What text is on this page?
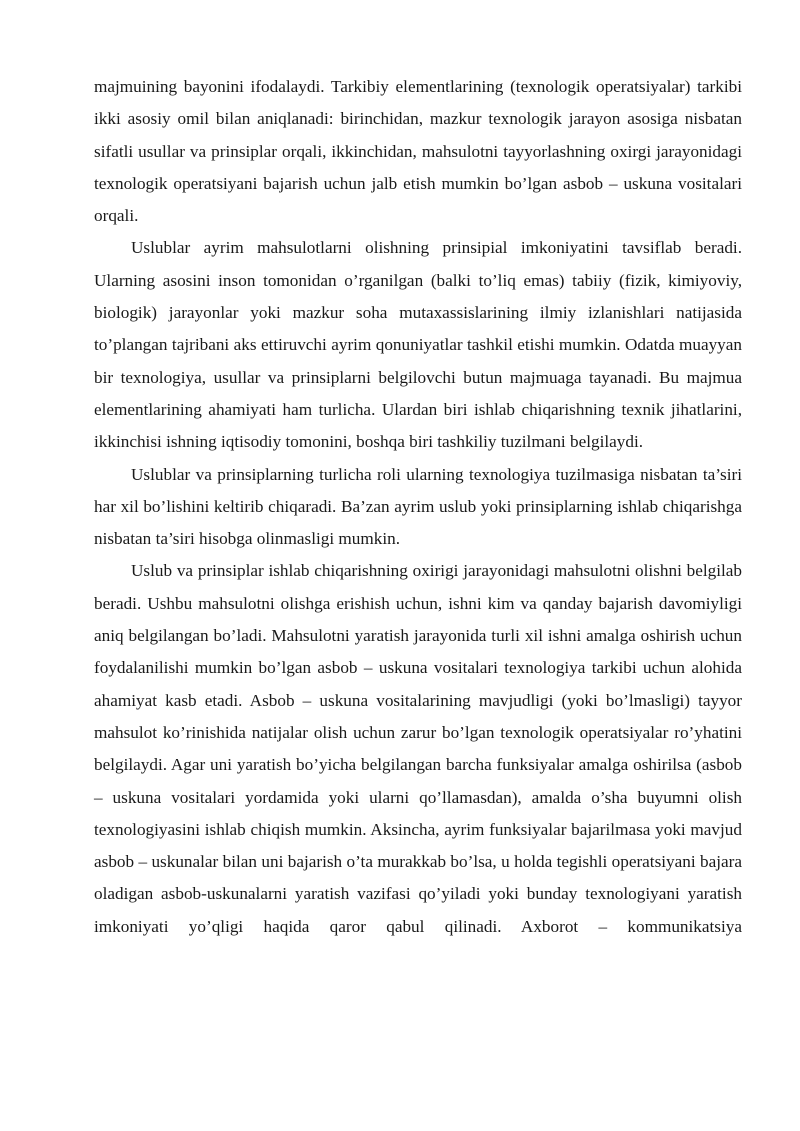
majmuining bayonini ifodalaydi. Tarkibiy elementlarining (texnologik operatsiyalar) tarkibi ikki asosiy omil bilan aniqlanadi: birinchidan, mazkur texnologik jarayon asosiga nisbatan sifatli usullar va prinsiplar orqali, ikkinchidan, mahsulotni tayyorlashning oxirgi jarayonidagi texnologik operatsiyani bajarish uchun jalb etish mumkin bo’lgan asbob – uskuna vositalari orqali.

Uslublar ayrim mahsulotlarni olishning prinsipial imkoniyatini tavsiflab beradi. Ularning asosini inson tomonidan o’rganilgan (balki to’liq emas) tabiiy (fizik, kimiyoviy, biologik) jarayonlar yoki mazkur soha mutaxassislarining ilmiy izlanishlari natijasida to’plangan tajribani aks ettiruvchi ayrim qonuniyatlar tashkil etishi mumkin. Odatda muayyan bir texnologiya, usullar va prinsiplarni belgilovchi butun majmuaga tayanadi. Bu majmua elementlarining ahamiyati ham turlicha. Ulardan biri ishlab chiqarishning texnik jihatlarini, ikkinchisi ishning iqtisodiy tomonini, boshqa biri tashkiliy tuzilmani belgilaydi.

Uslublar va prinsiplarning turlicha roli ularning texnologiya tuzilmasiga nisbatan ta’siri har xil bo’lishini keltirib chiqaradi. Ba’zan ayrim uslub yoki prinsiplarning ishlab chiqarishga nisbatan ta’siri hisobga olinmasligi mumkin.

Uslub va prinsiplar ishlab chiqarishning oxirigi jarayonidagi mahsulotni olishni belgilab beradi. Ushbu mahsulotni olishga erishish uchun, ishni kim va qanday bajarish davomiyligi aniq belgilangan bo’ladi. Mahsulotni yaratish jarayonida turli xil ishni amalga oshirish uchun foydalanilishi mumkin bo’lgan asbob – uskuna vositalari texnologiya tarkibi uchun alohida ahamiyat kasb etadi. Asbob – uskuna vositalarining mavjudligi (yoki bo’lmasligi) tayyor mahsulot ko’rinishida natijalar olish uchun zarur bo’lgan texnologik operatsiyalar ro’yhatini belgilaydi. Agar uni yaratish bo’yicha belgilangan barcha funksiyalar amalga oshirilsa (asbob – uskuna vositalari yordamida yoki ularni qo’llamasdan), amalda o’sha buyumni olish texnologiyasini ishlab chiqish mumkin. Aksincha, ayrim funksiyalar bajarilmasa yoki mavjud asbob – uskunalar bilan uni bajarish o’ta murakkab bo’lsa, u holda tegishli operatsiyani bajara oladigan asbob-uskunalarni yaratish vazifasi qo’yiladi yoki bunday texnologiyani yaratish imkoniyati yo’qligi haqida qaror qabul qilinadi. Axborot – kommunikatsiya
